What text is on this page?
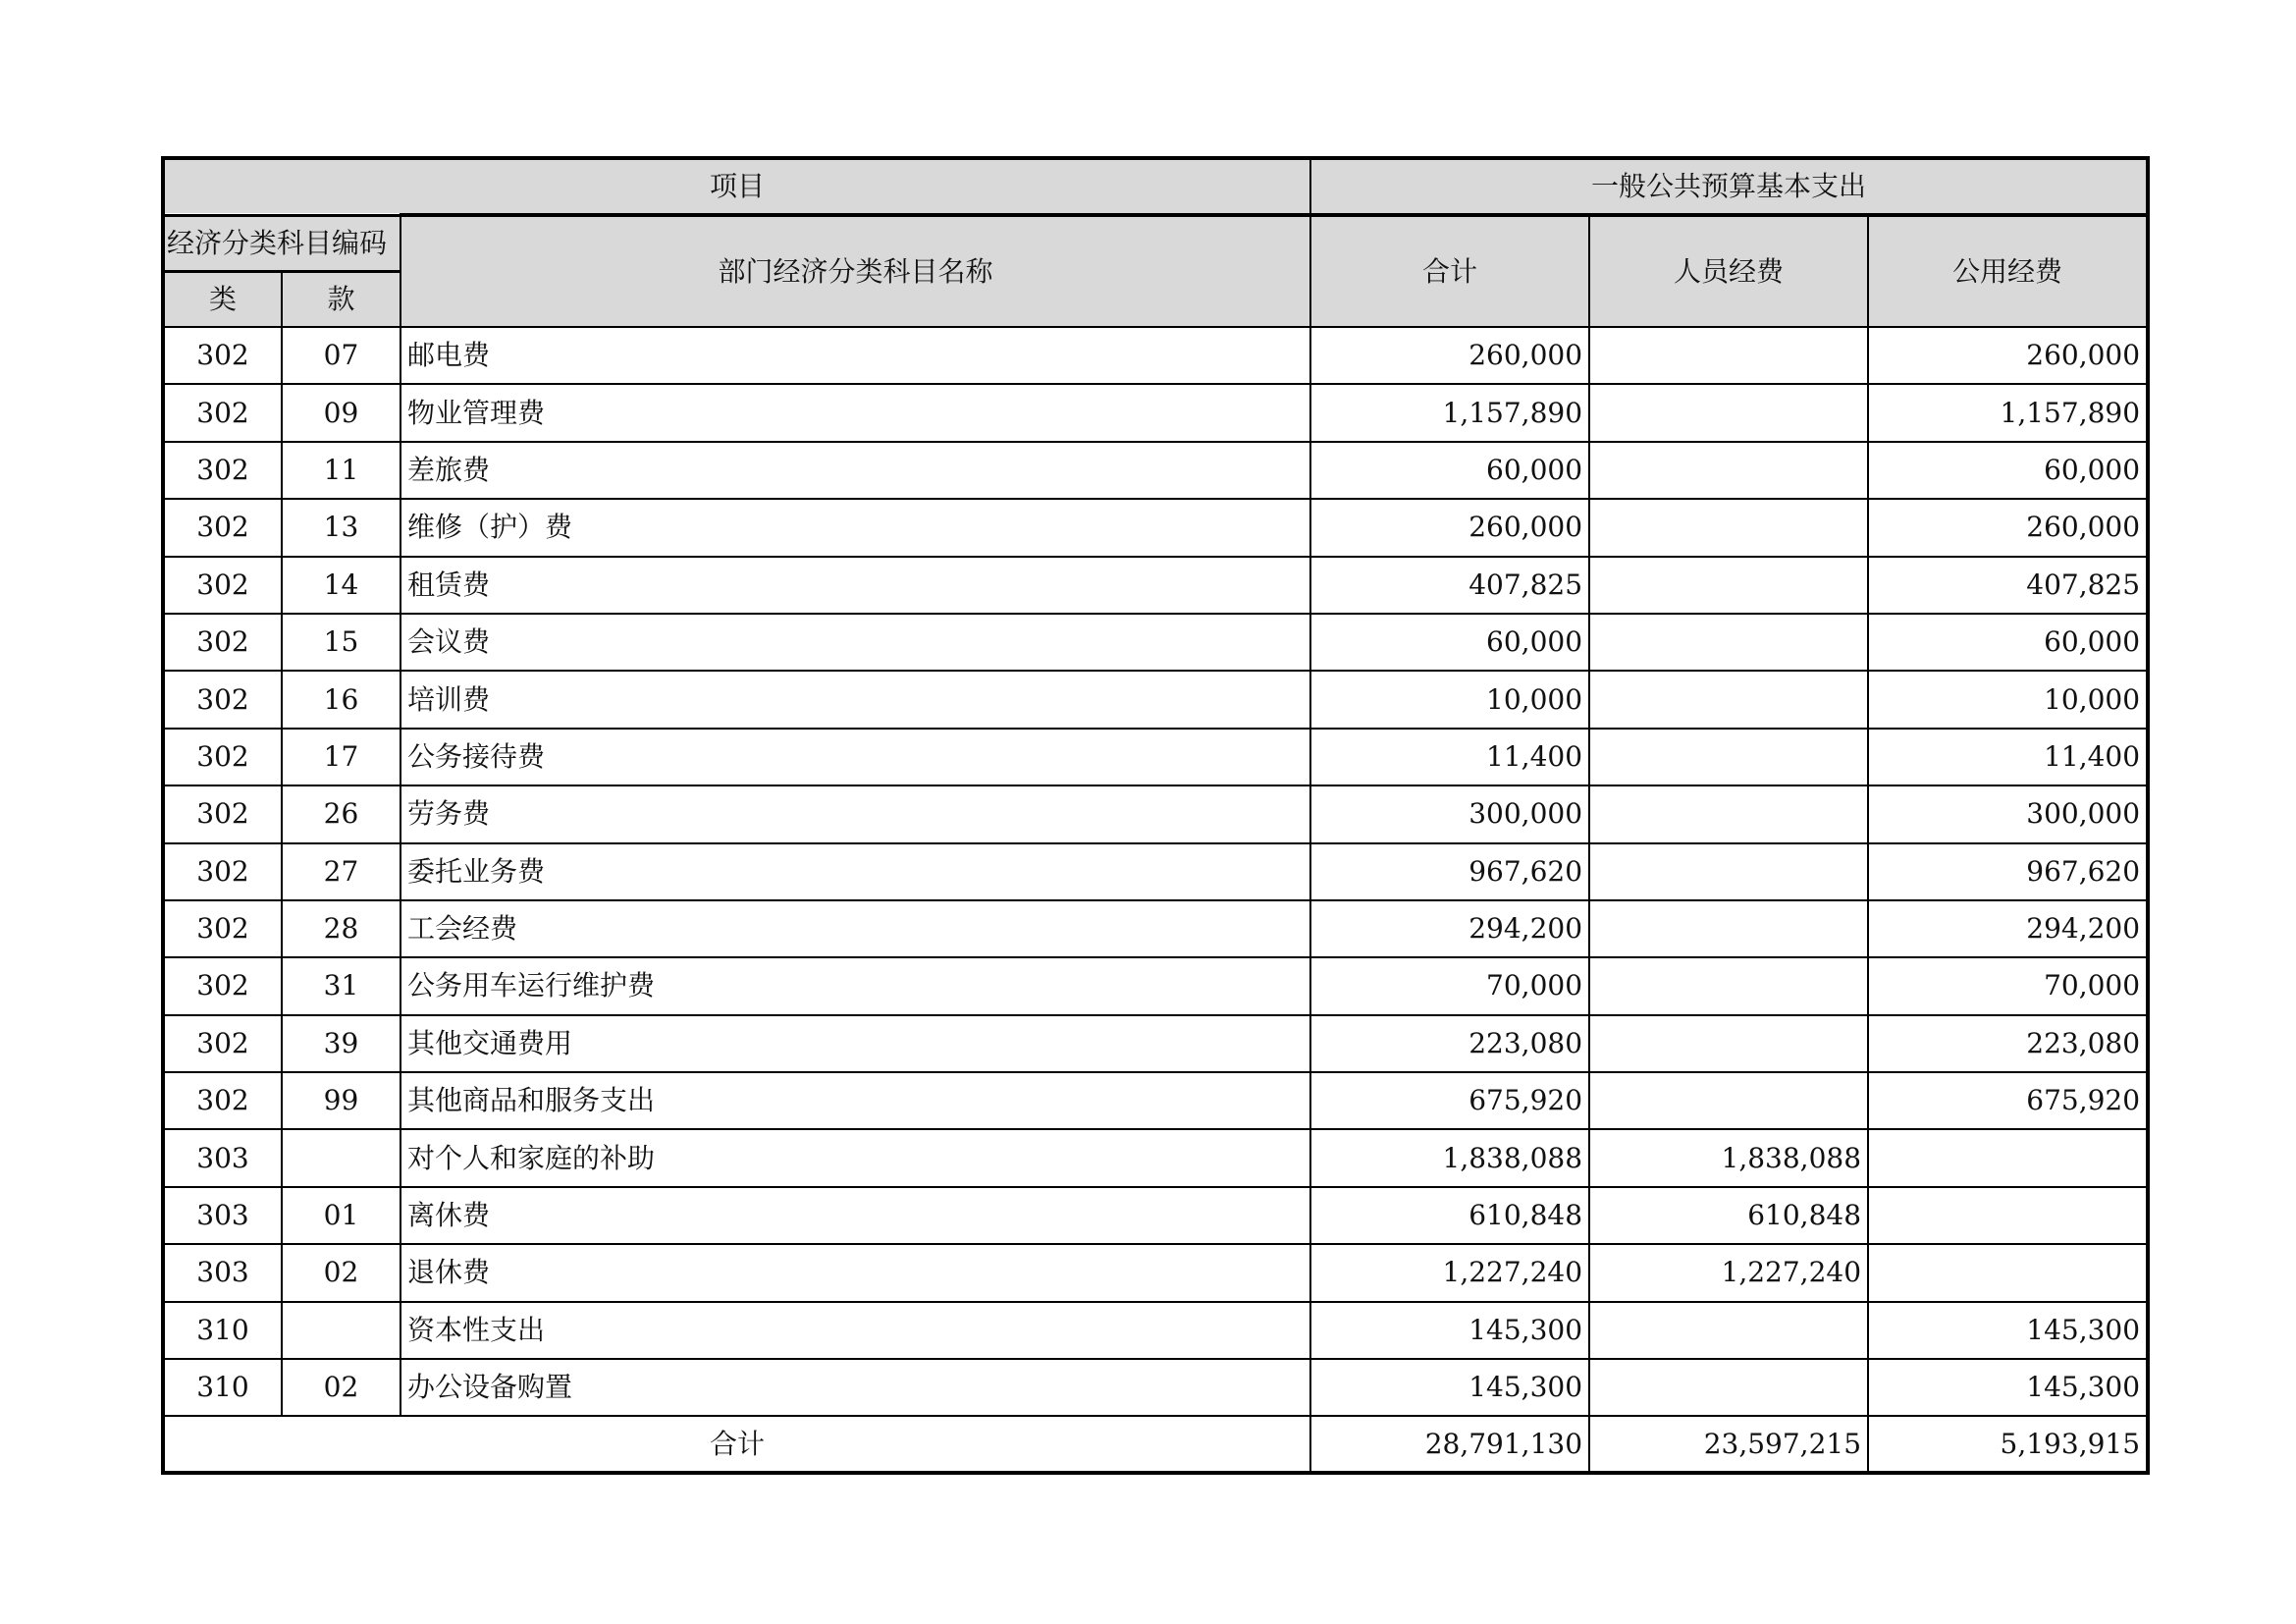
项目			一般公共预算基本支出		
经济分类科目编码		部门经济分类科目名称	合计	人员经费	公用经费
类	款				
302	07	邮电费	260,000		260,000
302	09	物业管理费	1,157,890		1,157,890
302	11	差旅费	60,000		60,000
302	13	维修（护）费	260,000		260,000
302	14	租赁费	407,825		407,825
302	15	会议费	60,000		60,000
302	16	培训费	10,000		10,000
302	17	公务接待费	11,400		11,400
302	26	劳务费	300,000		300,000
302	27	委托业务费	967,620		967,620
302	28	工会经费	294,200		294,200
302	31	公务用车运行维护费	70,000		70,000
302	39	其他交通费用	223,080		223,080
302	99	其他商品和服务支出	675,920		675,920
303		对个人和家庭的补助	1,838,088	1,838,088	
303	01	离休费	610,848	610,848	
303	02	退休费	1,227,240	1,227,240	
310		资本性支出	145,300		145,300
310	02	办公设备购置	145,300		145,300
合计			28,791,130	23,597,215	5,193,915
